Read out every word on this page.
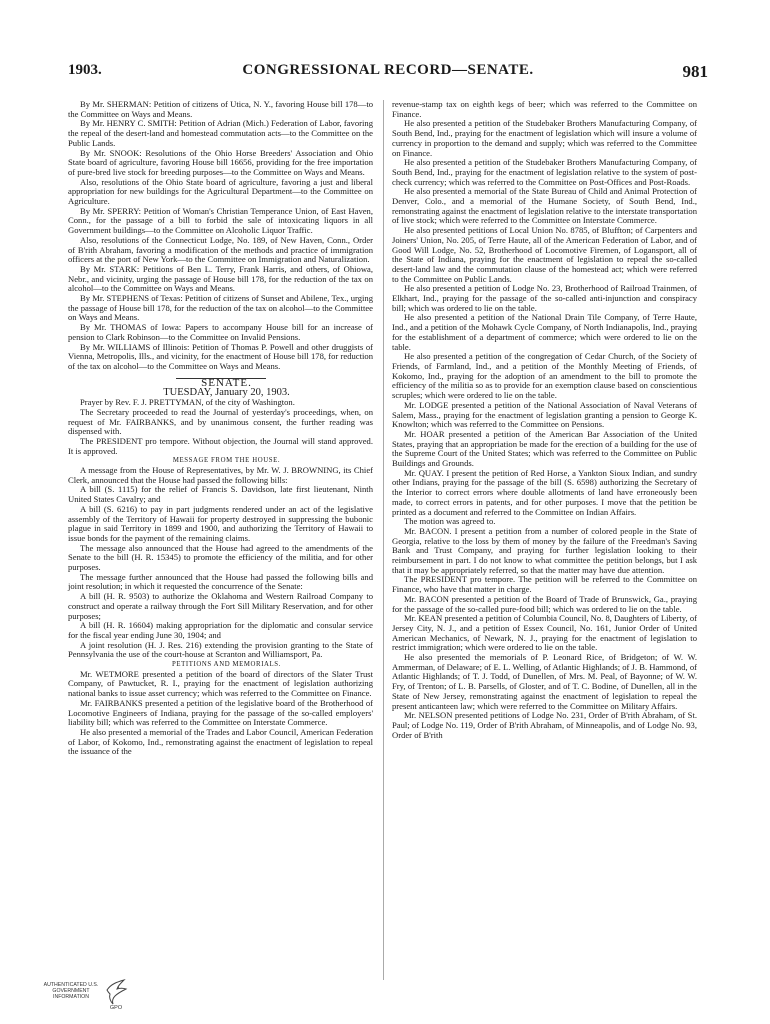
1903.	CONGRESSIONAL RECORD—SENATE.	981

By Mr. SHERMAN: Petition of citizens of Utica, N. Y., favoring House bill 178—to the Committee on Ways and Means.

By Mr. HENRY C. SMITH: Petition of Adrian (Mich.) Federation of Labor, favoring the repeal of the desert-land and homestead commutation acts—to the Committee on the Public Lands.

By Mr. SNOOK: Resolutions of the Ohio Horse Breeders' Association and Ohio State board of agriculture, favoring House bill 16656, providing for the free importation of pure-bred live stock for breeding purposes—to the Committee on Ways and Means.

Also, resolutions of the Ohio State board of agriculture, favoring a just and liberal appropriation for new buildings for the Agricultural Department—to the Committee on Agriculture.

By Mr. SPERRY: Petition of Woman's Christian Temperance Union, of East Haven, Conn., for the passage of a bill to forbid the sale of intoxicating liquors in all Government buildings—to the Committee on Alcoholic Liquor Traffic.

Also, resolutions of the Connecticut Lodge, No. 189, of New Haven, Conn., Order of B'rith Abraham, favoring a modification of the methods and practice of immigration officers at the port of New York—to the Committee on Immigration and Naturalization.

By Mr. STARK: Petitions of Ben L. Terry, Frank Harris, and others, of Ohiowa, Nebr., and vicinity, urging the passage of House bill 178, for the reduction of the tax on alcohol—to the Committee on Ways and Means.

By Mr. STEPHENS of Texas: Petition of citizens of Sunset and Abilene, Tex., urging the passage of House bill 178, for the reduction of the tax on alcohol—to the Committee on Ways and Means.

By Mr. THOMAS of Iowa: Papers to accompany House bill for an increase of pension to Clark Robinson—to the Committee on Invalid Pensions.

By Mr. WILLIAMS of Illinois: Petition of Thomas P. Powell and other druggists of Vienna, Metropolis, Ills., and vicinity, for the enactment of House bill 178, for reduction of the tax on alcohol—to the Committee on Ways and Means.

SENATE.

TUESDAY, January 20, 1903.

Prayer by Rev. F. J. PRETTYMAN, of the city of Washington.

The Secretary proceeded to read the Journal of yesterday's proceedings, when, on request of Mr. FAIRBANKS, and by unanimous consent, the further reading was dispensed with.

The PRESIDENT pro tempore. Without objection, the Journal will stand approved. It is approved.

MESSAGE FROM THE HOUSE.

A message from the House of Representatives, by Mr. W. J. BROWNING, its Chief Clerk, announced that the House had passed the following bills:

A bill (S. 1115) for the relief of Francis S. Davidson, late first lieutenant, Ninth United States Cavalry; and

A bill (S. 6216) to pay in part judgments rendered under an act of the legislative assembly of the Territory of Hawaii for property destroyed in suppressing the bubonic plague in said Territory in 1899 and 1900, and authorizing the Territory of Hawaii to issue bonds for the payment of the remaining claims.

The message also announced that the House had agreed to the amendments of the Senate to the bill (H. R. 15345) to promote the efficiency of the militia, and for other purposes.

The message further announced that the House had passed the following bills and joint resolution; in which it requested the concurrence of the Senate:

A bill (H. R. 9503) to authorize the Oklahoma and Western Railroad Company to construct and operate a railway through the Fort Sill Military Reservation, and for other purposes;

A bill (H. R. 16604) making appropriation for the diplomatic and consular service for the fiscal year ending June 30, 1904; and

A joint resolution (H. J. Res. 216) extending the provision granting to the State of Pennsylvania the use of the court-house at Scranton and Williamsport, Pa.

PETITIONS AND MEMORIALS.

Mr. WETMORE presented a petition of the board of directors of the Slater Trust Company, of Pawtucket, R. I., praying for the enactment of legislation authorizing national banks to issue asset currency; which was referred to the Committee on Finance.

Mr. FAIRBANKS presented a petition of the legislative board of the Brotherhood of Locomotive Engineers of Indiana, praying for the passage of the so-called employers' liability bill; which was referred to the Committee on Interstate Commerce.

He also presented a memorial of the Trades and Labor Council, American Federation of Labor, of Kokomo, Ind., remonstrating against the enactment of legislation to repeal the issuance of the

revenue-stamp tax on eighth kegs of beer; which was referred to the Committee on Finance.

He also presented a petition of the Studebaker Brothers Manufacturing Company, of South Bend, Ind., praying for the enactment of legislation which will insure a volume of currency in proportion to the demand and supply; which was referred to the Committee on Finance.

He also presented a petition of the Studebaker Brothers Manufacturing Company, of South Bend, Ind., praying for the enactment of legislation relative to the system of post-check currency; which was referred to the Committee on Post-Offices and Post-Roads.

He also presented a memorial of the State Bureau of Child and Animal Protection of Denver, Colo., and a memorial of the Humane Society, of South Bend, Ind., remonstrating against the enactment of legislation relative to the interstate transportation of live stock; which were referred to the Committee on Interstate Commerce.

He also presented petitions of Local Union No. 8785, of Bluffton; of Carpenters and Joiners' Union, No. 205, of Terre Haute, all of the American Federation of Labor, and of Good Will Lodge, No. 52, Brotherhood of Locomotive Firemen, of Logansport, all of the State of Indiana, praying for the enactment of legislation to repeal the so-called desert-land law and the commutation clause of the homestead act; which were referred to the Committee on Public Lands.

He also presented a petition of Lodge No. 23, Brotherhood of Railroad Trainmen, of Elkhart, Ind., praying for the passage of the so-called anti-injunction and conspiracy bill; which was ordered to lie on the table.

He also presented a petition of the National Drain Tile Company, of Terre Haute, Ind., and a petition of the Mohawk Cycle Company, of North Indianapolis, Ind., praying for the establishment of a department of commerce; which were ordered to lie on the table.

He also presented a petition of the congregation of Cedar Church, of the Society of Friends, of Farmland, Ind., and a petition of the Monthly Meeting of Friends, of Kokomo, Ind., praying for the adoption of an amendment to the bill to promote the efficiency of the militia so as to provide for an exemption clause based on conscientious scruples; which were ordered to lie on the table.

Mr. LODGE presented a petition of the National Association of Naval Veterans of Salem, Mass., praying for the enactment of legislation granting a pension to George K. Knowlton; which was referred to the Committee on Pensions.

Mr. HOAR presented a petition of the American Bar Association of the United States, praying that an appropriation be made for the erection of a building for the use of the Supreme Court of the United States; which was referred to the Committee on Public Buildings and Grounds.

Mr. QUAY. I present the petition of Red Horse, a Yankton Sioux Indian, and sundry other Indians, praying for the passage of the bill (S. 6598) authorizing the Secretary of the Interior to correct errors where double allotments of land have erroneously been made, to correct errors in patents, and for other purposes. I move that the petition be printed as a document and referred to the Committee on Indian Affairs.

The motion was agreed to.

Mr. BACON. I present a petition from a number of colored people in the State of Georgia, relative to the loss by them of money by the failure of the Freedman's Saving Bank and Trust Company, and praying for further legislation looking to their reimbursement in part. I do not know to what committee the petition belongs, but I ask that it may be appropriately referred, so that the matter may have due attention.

The PRESIDENT pro tempore. The petition will be referred to the Committee on Finance, who have that matter in charge.

Mr. BACON presented a petition of the Board of Trade of Brunswick, Ga., praying for the passage of the so-called pure-food bill; which was ordered to lie on the table.

Mr. KEAN presented a petition of Columbia Council, No. 8, Daughters of Liberty, of Jersey City, N. J., and a petition of Essex Council, No. 161, Junior Order of United American Mechanics, of Newark, N. J., praying for the enactment of legislation to restrict immigration; which were ordered to lie on the table.

He also presented the memorials of P. Leonard Rice, of Bridgeton; of W. W. Ammerman, of Delaware; of E. L. Welling, of Atlantic Highlands; of J. B. Hammond, of Atlantic Highlands; of T. J. Todd, of Dunellen, of Mrs. M. Peal, of Bayonne; of W. W. Fry, of Trenton; of L. B. Parsells, of Gloster, and of T. C. Bodine, of Dunellen, all in the State of New Jersey, remonstrating against the enactment of legislation to repeal the present anticanteen law; which were referred to the Committee on Military Affairs.

Mr. NELSON presented petitions of Lodge No. 231, Order of B'rith Abraham, of St. Paul; of Lodge No. 119, Order of B'rith Abraham, of Minneapolis, and of Lodge No. 93, Order of B'rith

AUTHENTICATED U.S. GOVERNMENT INFORMATION
GPO
